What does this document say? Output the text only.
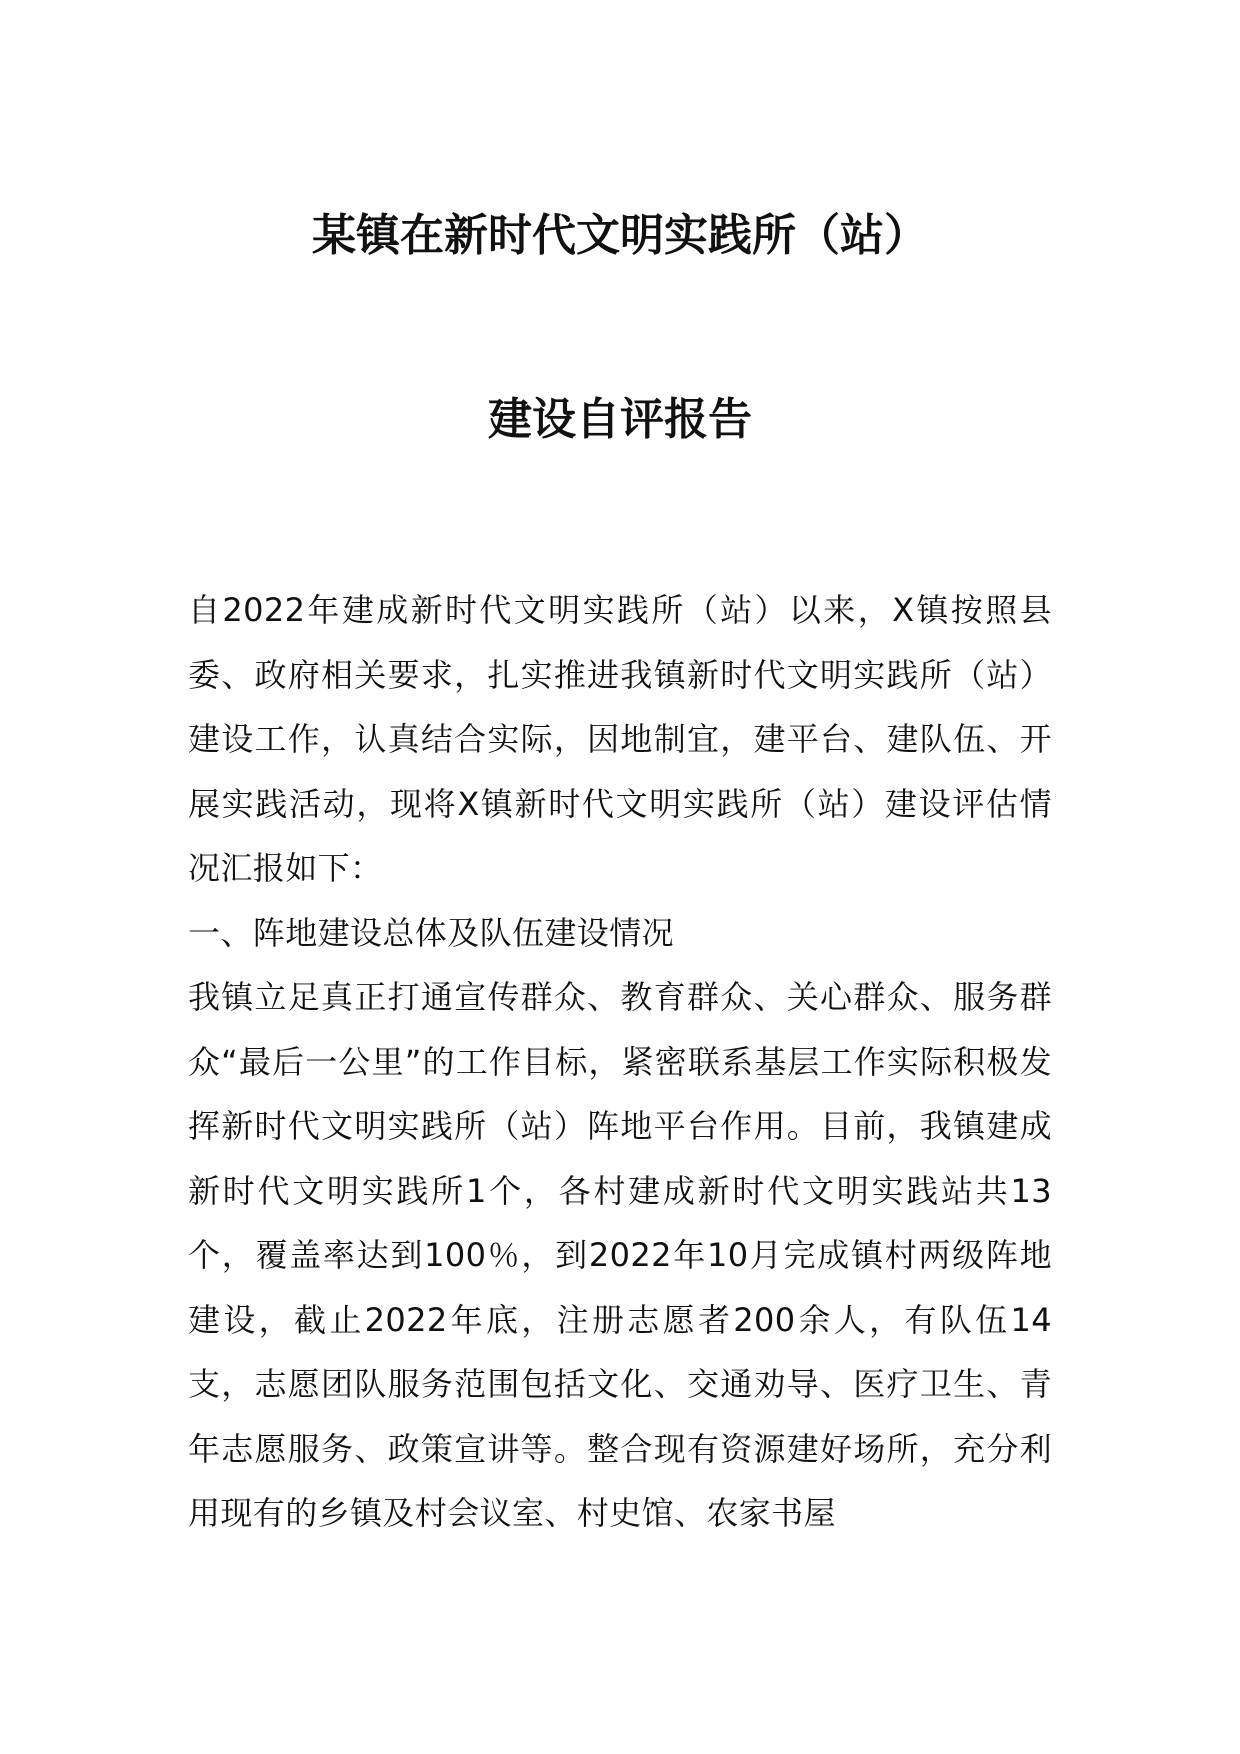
某镇在新时代文明实践所（站）
建设自评报告

自2022年建成新时代文明实践所（站）以来，X镇按照县委、政府相关要求，扎实推进我镇新时代文明实践所（站）建设工作，认真结合实际，因地制宜，建平台、建队伍、开展实践活动，现将X镇新时代文明实践所（站）建设评估情况汇报如下：

一、阵地建设总体及队伍建设情况

我镇立足真正打通宣传群众、教育群众、关心群众、服务群众“最后一公里”的工作目标，紧密联系基层工作实际积极发挥新时代文明实践所（站）阵地平台作用。目前，我镇建成新时代文明实践所1个，各村建成新时代文明实践站共13个，覆盖率达到100％，到2022年10月完成镇村两级阵地建设，截止2022年底，注册志愿者200余人，有队伍14支，志愿团队服务范围包括文化、交通劝导、医疗卫生、青年志愿服务、政策宣讲等。整合现有资源建好场所，充分利用现有的乡镇及村会议室、村史馆、农家书屋
